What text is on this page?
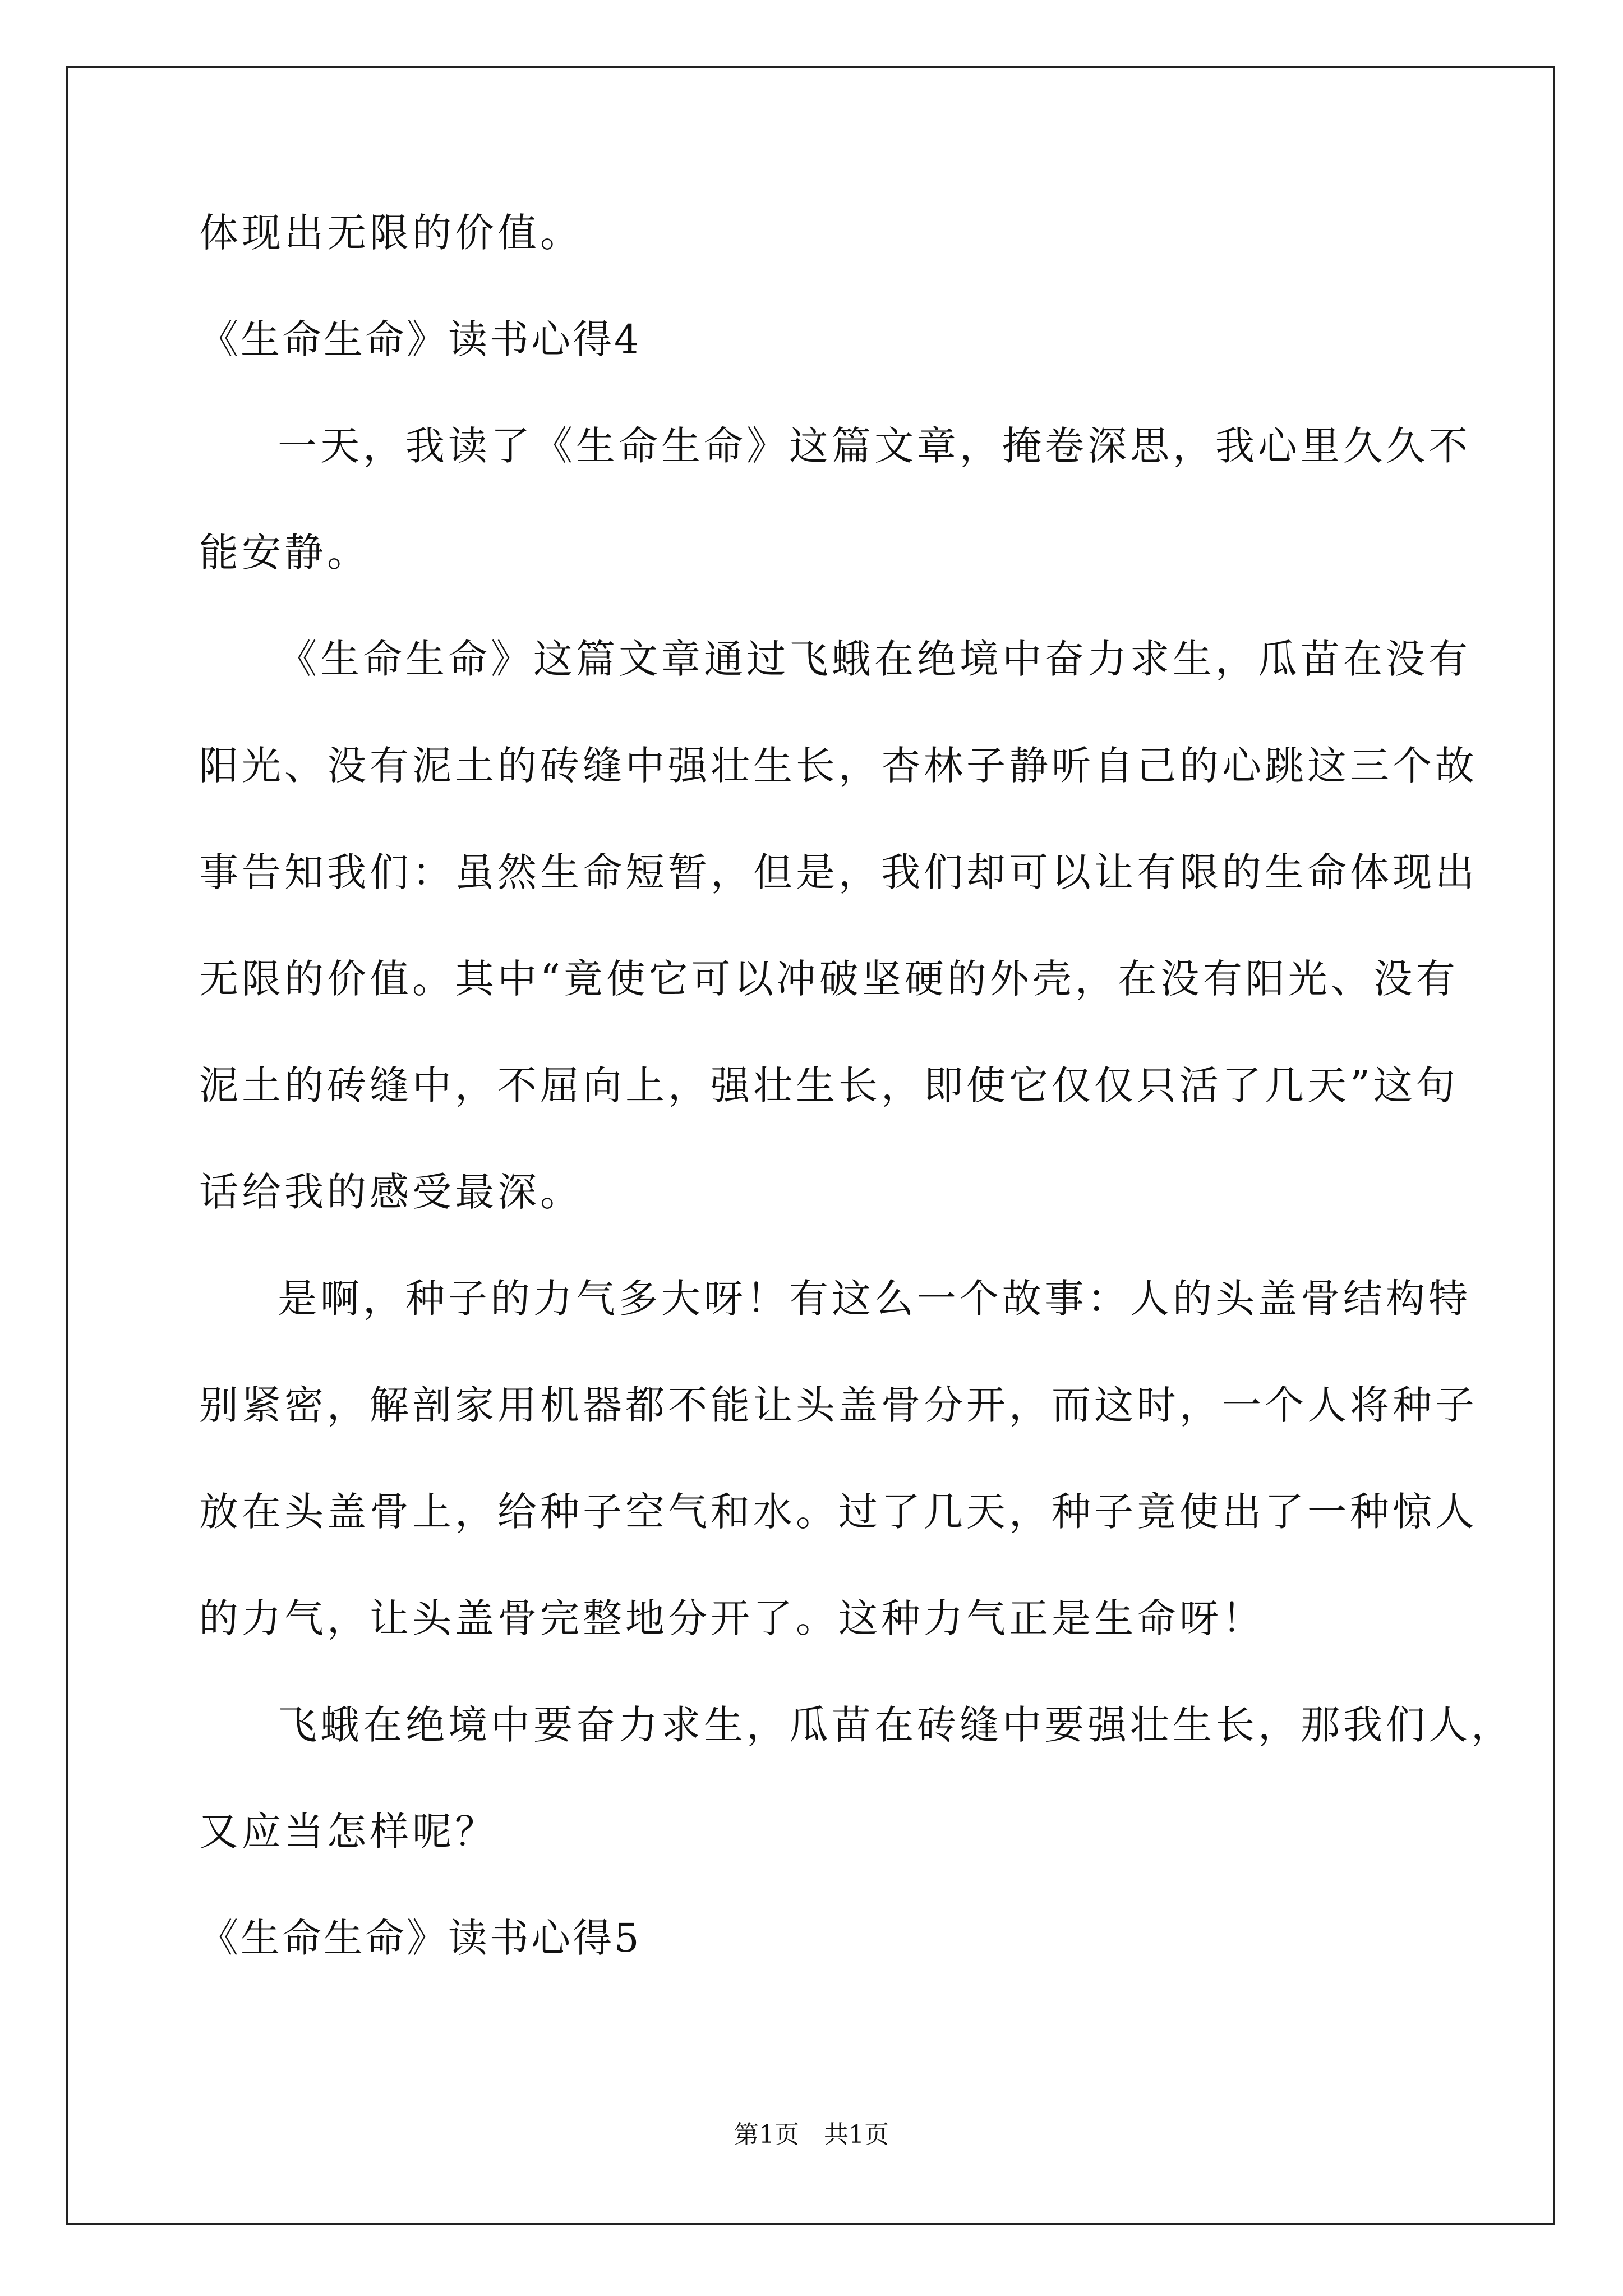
体现出无限的价值。
《生命生命》读书心得4
一天，我读了《生命生命》这篇文章，掩卷深思，我心里久久不
能安静。
《生命生命》这篇文章通过飞蛾在绝境中奋力求生，瓜苗在没有
阳光、没有泥土的砖缝中强壮生长，杏林子静听自己的心跳这三个故
事告知我们：虽然生命短暂，但是，我们却可以让有限的生命体现出
无限的价值。其中“竟使它可以冲破坚硬的外壳，在没有阳光、没有
泥土的砖缝中，不屈向上，强壮生长，即使它仅仅只活了几天”这句
话给我的感受最深。
是啊，种子的力气多大呀！有这么一个故事：人的头盖骨结构特
别紧密，解剖家用机器都不能让头盖骨分开，而这时，一个人将种子
放在头盖骨上，给种子空气和水。过了几天，种子竟使出了一种惊人
的力气，让头盖骨完整地分开了。这种力气正是生命呀！
飞蛾在绝境中要奋力求生，瓜苗在砖缝中要强壮生长，那我们人，
又应当怎样呢？
《生命生命》读书心得5
第1页　共1页
